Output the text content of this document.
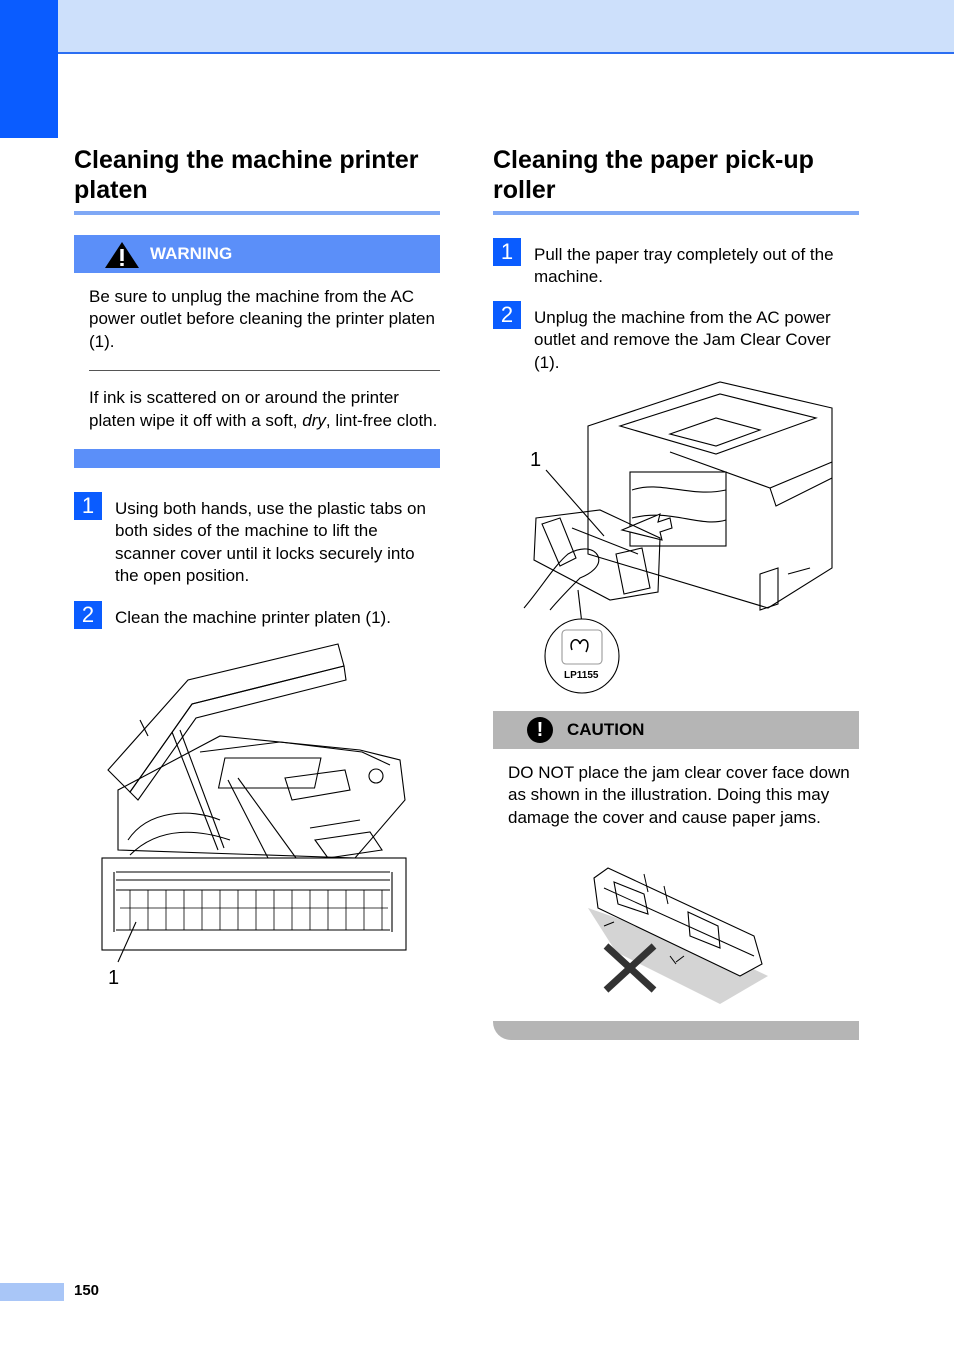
Cleaning the machine printer platen
WARNING

Be sure to unplug the machine from the AC power outlet before cleaning the printer platen (1).

If ink is scattered on or around the printer platen wipe it off with a soft, dry, lint-free cloth.

1	Using both hands, use the plastic tabs on both sides of the machine to lift the scanner cover until it locks securely into the open position.

2	Clean the machine printer platen (1).

1
Cleaning the paper pick-up roller
1	Pull the paper tray completely out of the machine.

2	Unplug the machine from the AC power outlet and remove the Jam Clear Cover (1).

1
LP1155
!	CAUTION

DO NOT place the jam clear cover face down as shown in the illustration. Doing this may damage the cover and cause paper jams.

150
